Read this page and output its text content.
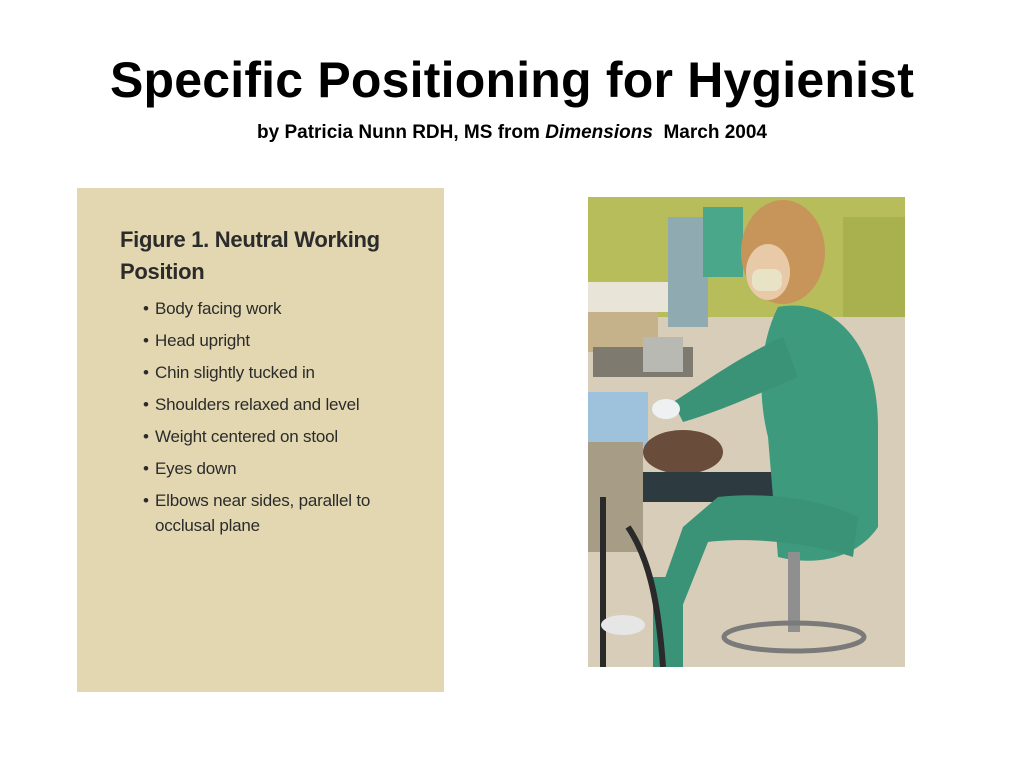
Specific Positioning for Hygienist
by Patricia Nunn RDH, MS from Dimensions  March 2004
Figure 1. Neutral Working Position
• Body facing work
• Head upright
• Chin slightly tucked in
• Shoulders relaxed and level
• Weight centered on stool
• Eyes down
• Elbows near sides, parallel to occlusal plane
